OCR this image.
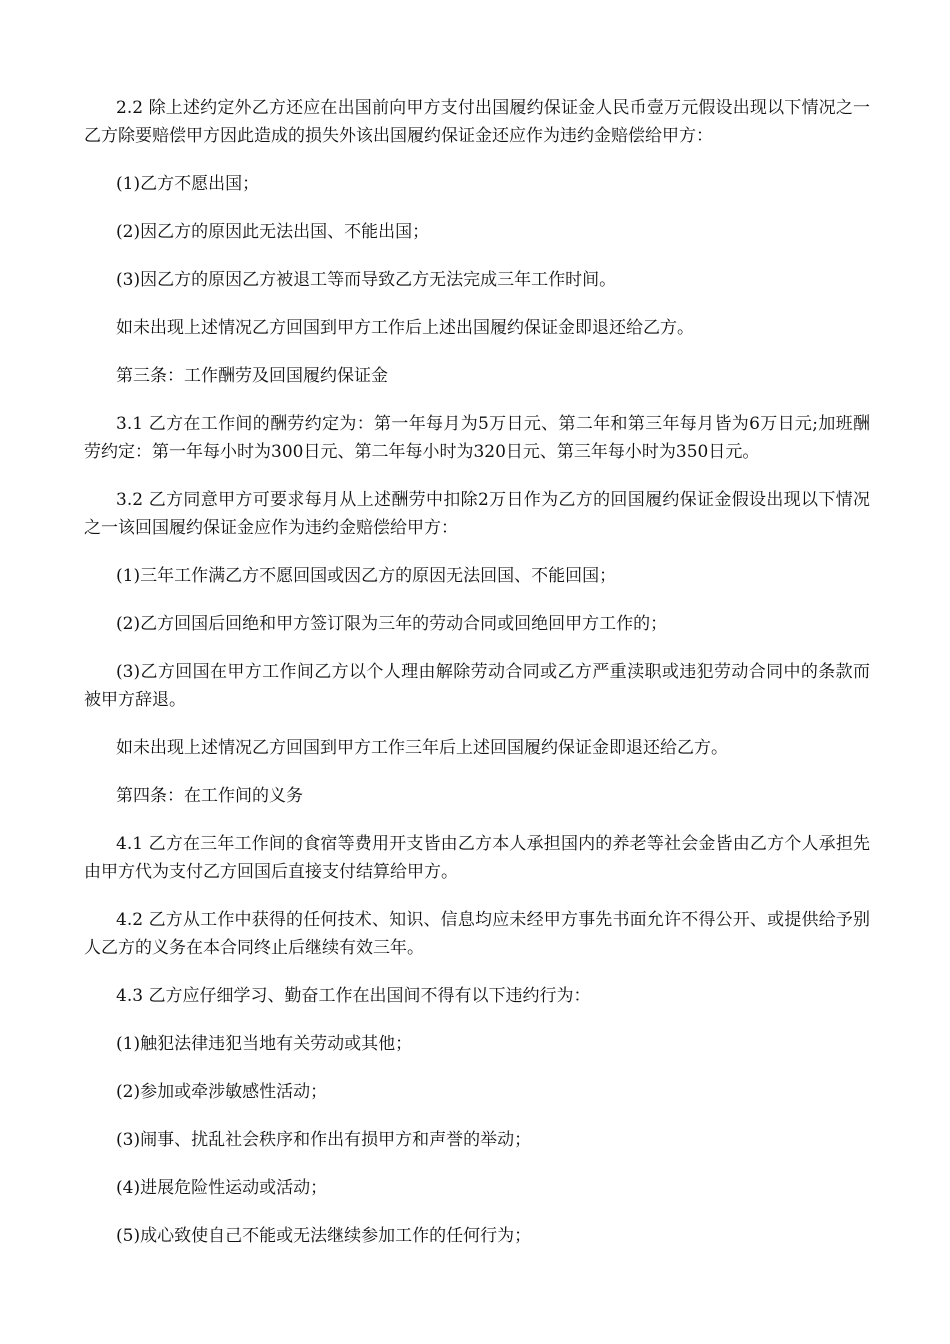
2.2 除上述约定外乙方还应在出国前向甲方支付出国履约保证金人民币壹万元假设出现以下情况之一乙方除要赔偿甲方因此造成的损失外该出国履约保证金还应作为违约金赔偿给甲方：

(1)乙方不愿出国；

(2)因乙方的原因此无法出国、不能出国；

(3)因乙方的原因乙方被退工等而导致乙方无法完成三年工作时间。

如未出现上述情况乙方回国到甲方工作后上述出国履约保证金即退还给乙方。

第三条：工作酬劳及回国履约保证金

3.1 乙方在工作间的酬劳约定为：第一年每月为5万日元、第二年和第三年每月皆为6万日元;加班酬劳约定：第一年每小时为300日元、第二年每小时为320日元、第三年每小时为350日元。

3.2 乙方同意甲方可要求每月从上述酬劳中扣除2万日作为乙方的回国履约保证金假设出现以下情况之一该回国履约保证金应作为违约金赔偿给甲方：

(1)三年工作满乙方不愿回国或因乙方的原因无法回国、不能回国；

(2)乙方回国后回绝和甲方签订限为三年的劳动合同或回绝回甲方工作的；

(3)乙方回国在甲方工作间乙方以个人理由解除劳动合同或乙方严重渎职或违犯劳动合同中的条款而被甲方辞退。

如未出现上述情况乙方回国到甲方工作三年后上述回国履约保证金即退还给乙方。

第四条：在工作间的义务

4.1 乙方在三年工作间的食宿等费用开支皆由乙方本人承担国内的养老等社会金皆由乙方个人承担先由甲方代为支付乙方回国后直接支付结算给甲方。

4.2 乙方从工作中获得的任何技术、知识、信息均应未经甲方事先书面允许不得公开、或提供给予别人乙方的义务在本合同终止后继续有效三年。

4.3 乙方应仔细学习、勤奋工作在出国间不得有以下违约行为：

(1)触犯法律违犯当地有关劳动或其他；

(2)参加或牵涉敏感性活动；

(3)闹事、扰乱社会秩序和作出有损甲方和声誉的举动；

(4)进展危险性运动或活动；

(5)成心致使自己不能或无法继续参加工作的任何行为；
